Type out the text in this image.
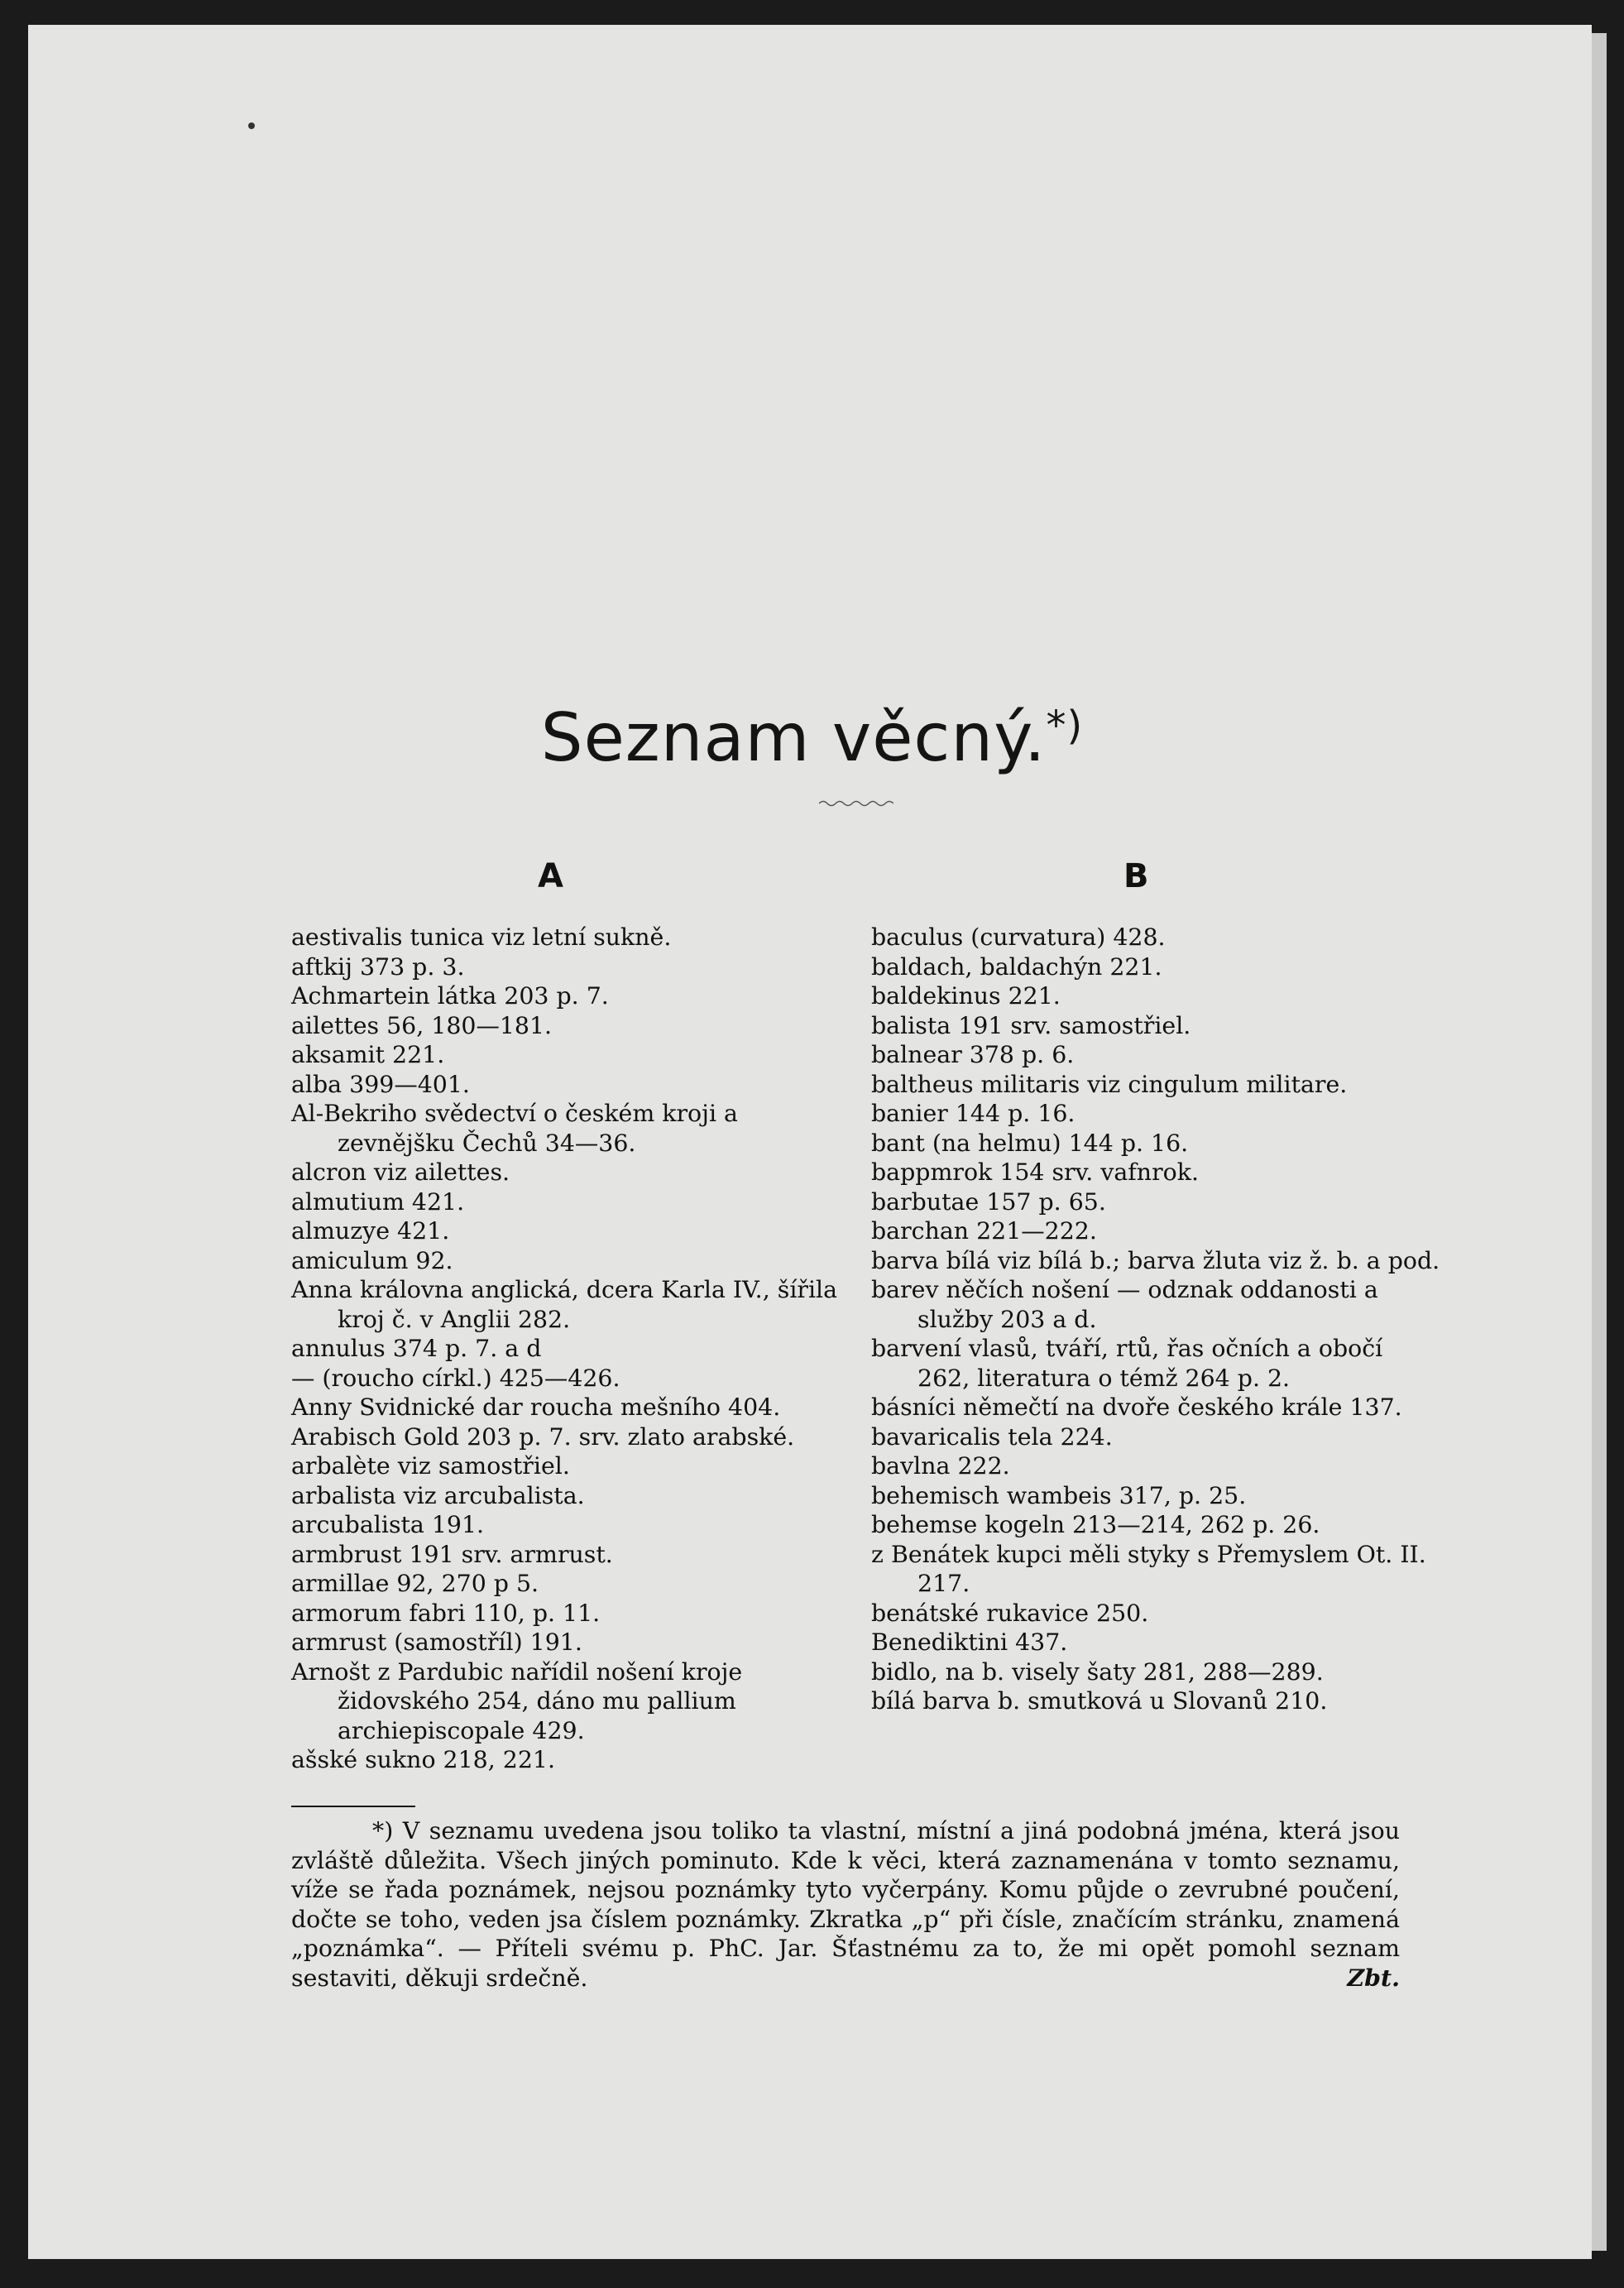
Seznam věcný.*)
A	B
aestivalis tunica viz letní sukně.
aftkij 373 p. 3.
Achmartein látka 203 p. 7.
ailettes 56, 180—181.
aksamit 221.
alba 399—401.
Al-Bekriho svědectví o českém kroji a zevnějšku Čechů 34—36.
alcron viz ailettes.
almutium 421.
almuzye 421.
amiculum 92.
Anna královna anglická, dcera Karla IV., šířila kroj č. v Anglii 282.
annulus 374 p. 7. a d
— (roucho církl.) 425—426.
Anny Svidnické dar roucha mešního 404.
Arabisch Gold 203 p. 7. srv. zlato arabské.
arbalète viz samostřiel.
arbalista viz arcubalista.
arcubalista 191.
armbrust 191 srv. armrust.
armillae 92, 270 p 5.
armorum fabri 110, p. 11.
armrust (samostříl) 191.
Arnošt z Pardubic nařídil nošení kroje židovského 254, dáno mu pallium archiepiscopale 429.
ašské sukno 218, 221.
baculus (curvatura) 428.
baldach, baldachýn 221.
baldekinus 221.
balista 191 srv. samostřiel.
balnear 378 p. 6.
baltheus militaris viz cingulum militare.
banier 144 p. 16.
bant (na helmu) 144 p. 16.
bappmrok 154 srv. vafnrok.
barbutae 157 p. 65.
barchan 221—222.
barva bílá viz bílá b.; barva žluta viz ž. b. a pod.
barev něčích nošení — odznak oddanosti a služby 203 a d.
barvení vlasů, tváří, rtů, řas očních a obočí 262, literatura o témž 264 p. 2.
básníci němečtí na dvoře českého krále 137.
bavaricalis tela 224.
bavlna 222.
behemisch wambeis 317, p. 25.
behemse kogeln 213—214, 262 p. 26.
z Benátek kupci měli styky s Přemyslem Ot. II. 217.
benátské rukavice 250.
Benediktini 437.
bidlo, na b. visely šaty 281, 288—289.
bílá barva b. smutková u Slovanů 210.
*) V seznamu uvedena jsou toliko ta vlastní, místní a jiná podobná jména, která jsou zvláště důležita. Všech jiných pominuto. Kde k věci, která zaznamenána v tomto seznamu, víže se řada poznámek, nejsou poznámky tyto vyčerpány. Komu půjde o zevrubné poučení, dočte se toho, veden jsa číslem poznámky. Zkratka „p“ při čísle, značícím stránku, znamená „poznámka“. — Příteli svému p. PhC. Jar. Šťastnému za to, že mi opět pomohl seznam sestaviti, děkuji srdečně.	Zbt.
